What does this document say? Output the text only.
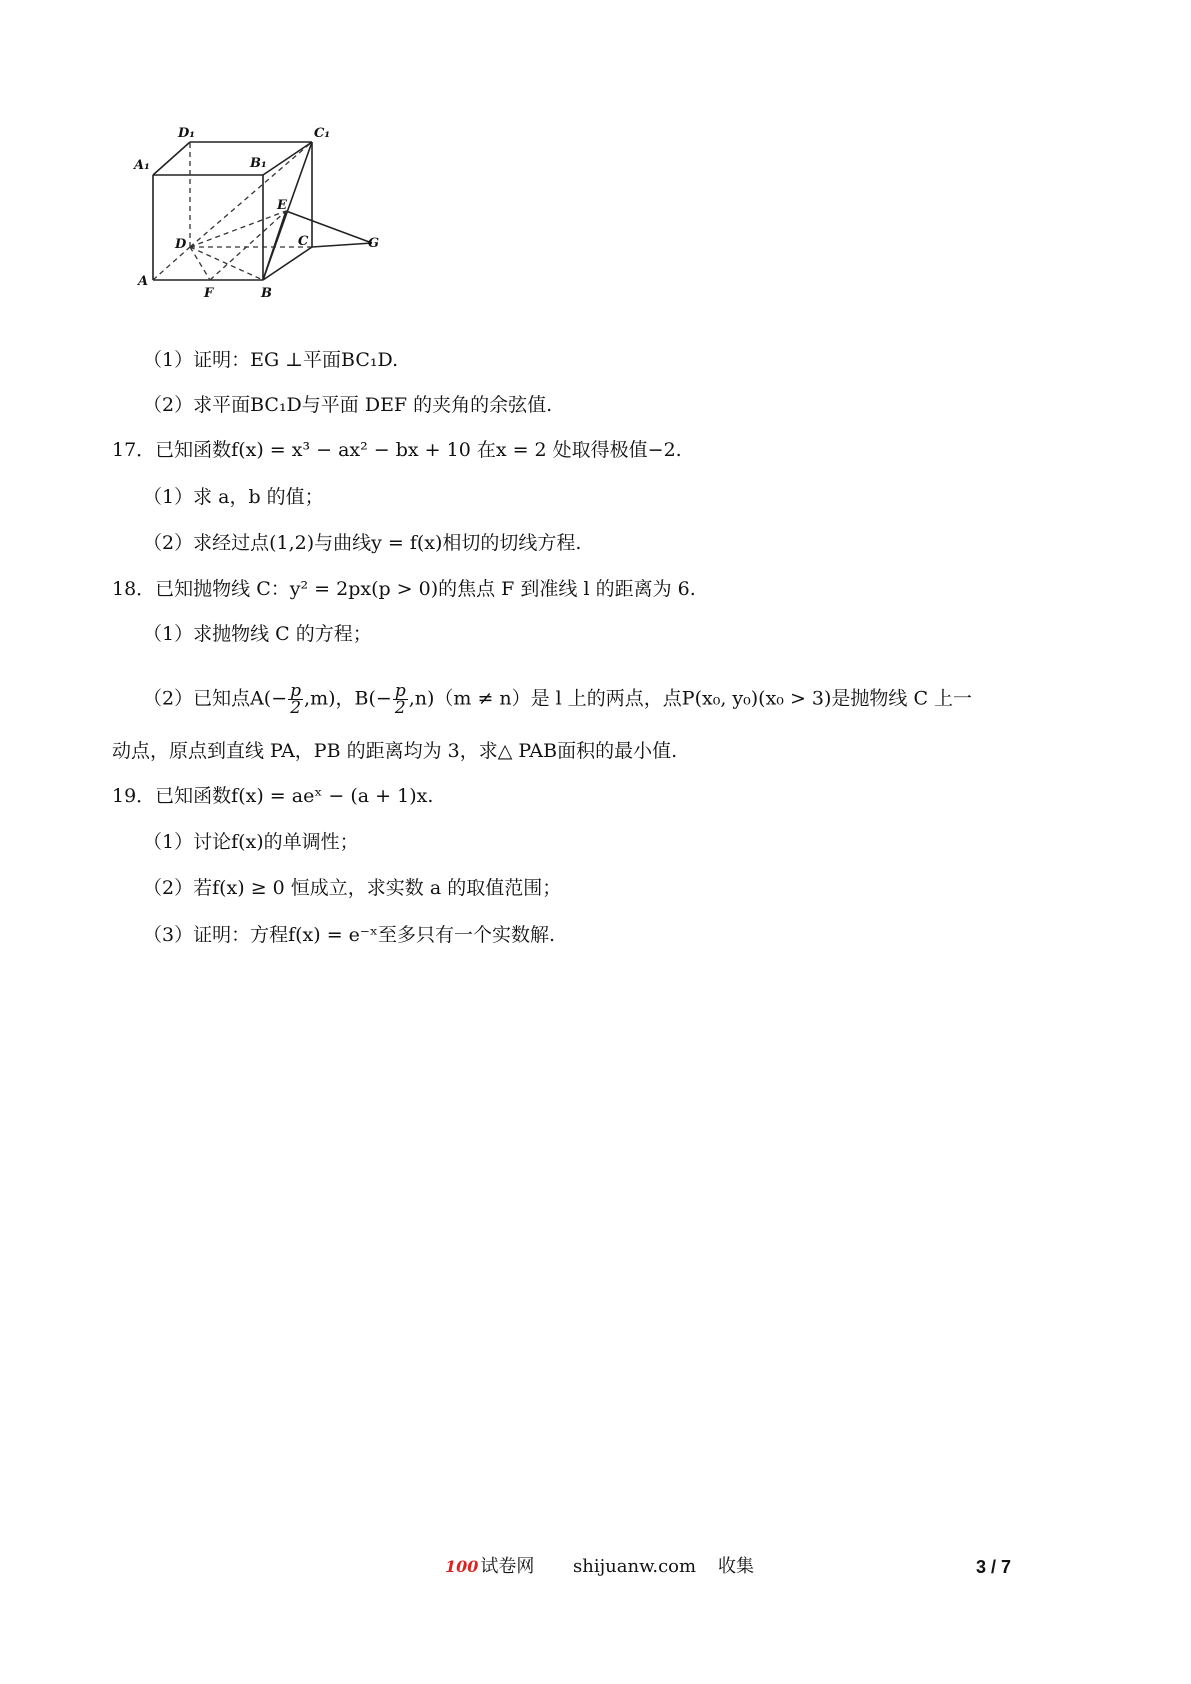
D₁	C₁
A₁	B₁
E
D	C	G
A
F	B
（1）证明：EG ⊥平面BC₁D.
（2）求平面BC₁D与平面 DEF 的夹角的余弦值.
17．已知函数f(x) = x³ − ax² − bx + 10 在x = 2 处取得极值−2.
（1）求 a，b 的值；
（2）求经过点(1,2)与曲线y = f(x)相切的切线方程.
18．已知抛物线 C：y² = 2px(p > 0)的焦点 F 到准线 l 的距离为 6.
（1）求抛物线 C 的方程；
（2）已知点$A(- \frac{p}{2} ,m)$，$B(- \frac{p}{2} ,n)(m \ne n)$是 l 上的两点，点P(x₀, y₀)(x₀ > 3)是抛物线 C 上一
动点，原点到直线 PA，PB 的距离均为 3，求△ PAB面积的最小值.
19．已知函数f(x) = aeˣ − (a + 1)x.
（1）讨论f(x)的单调性；
（2）若f(x) ≥ 0 恒成立，求实数 a 的取值范围；
（3）证明：方程f(x) = e⁻ˣ至多只有一个实数解.
100 试卷网 shijuanw.com 收集	3 / 7
